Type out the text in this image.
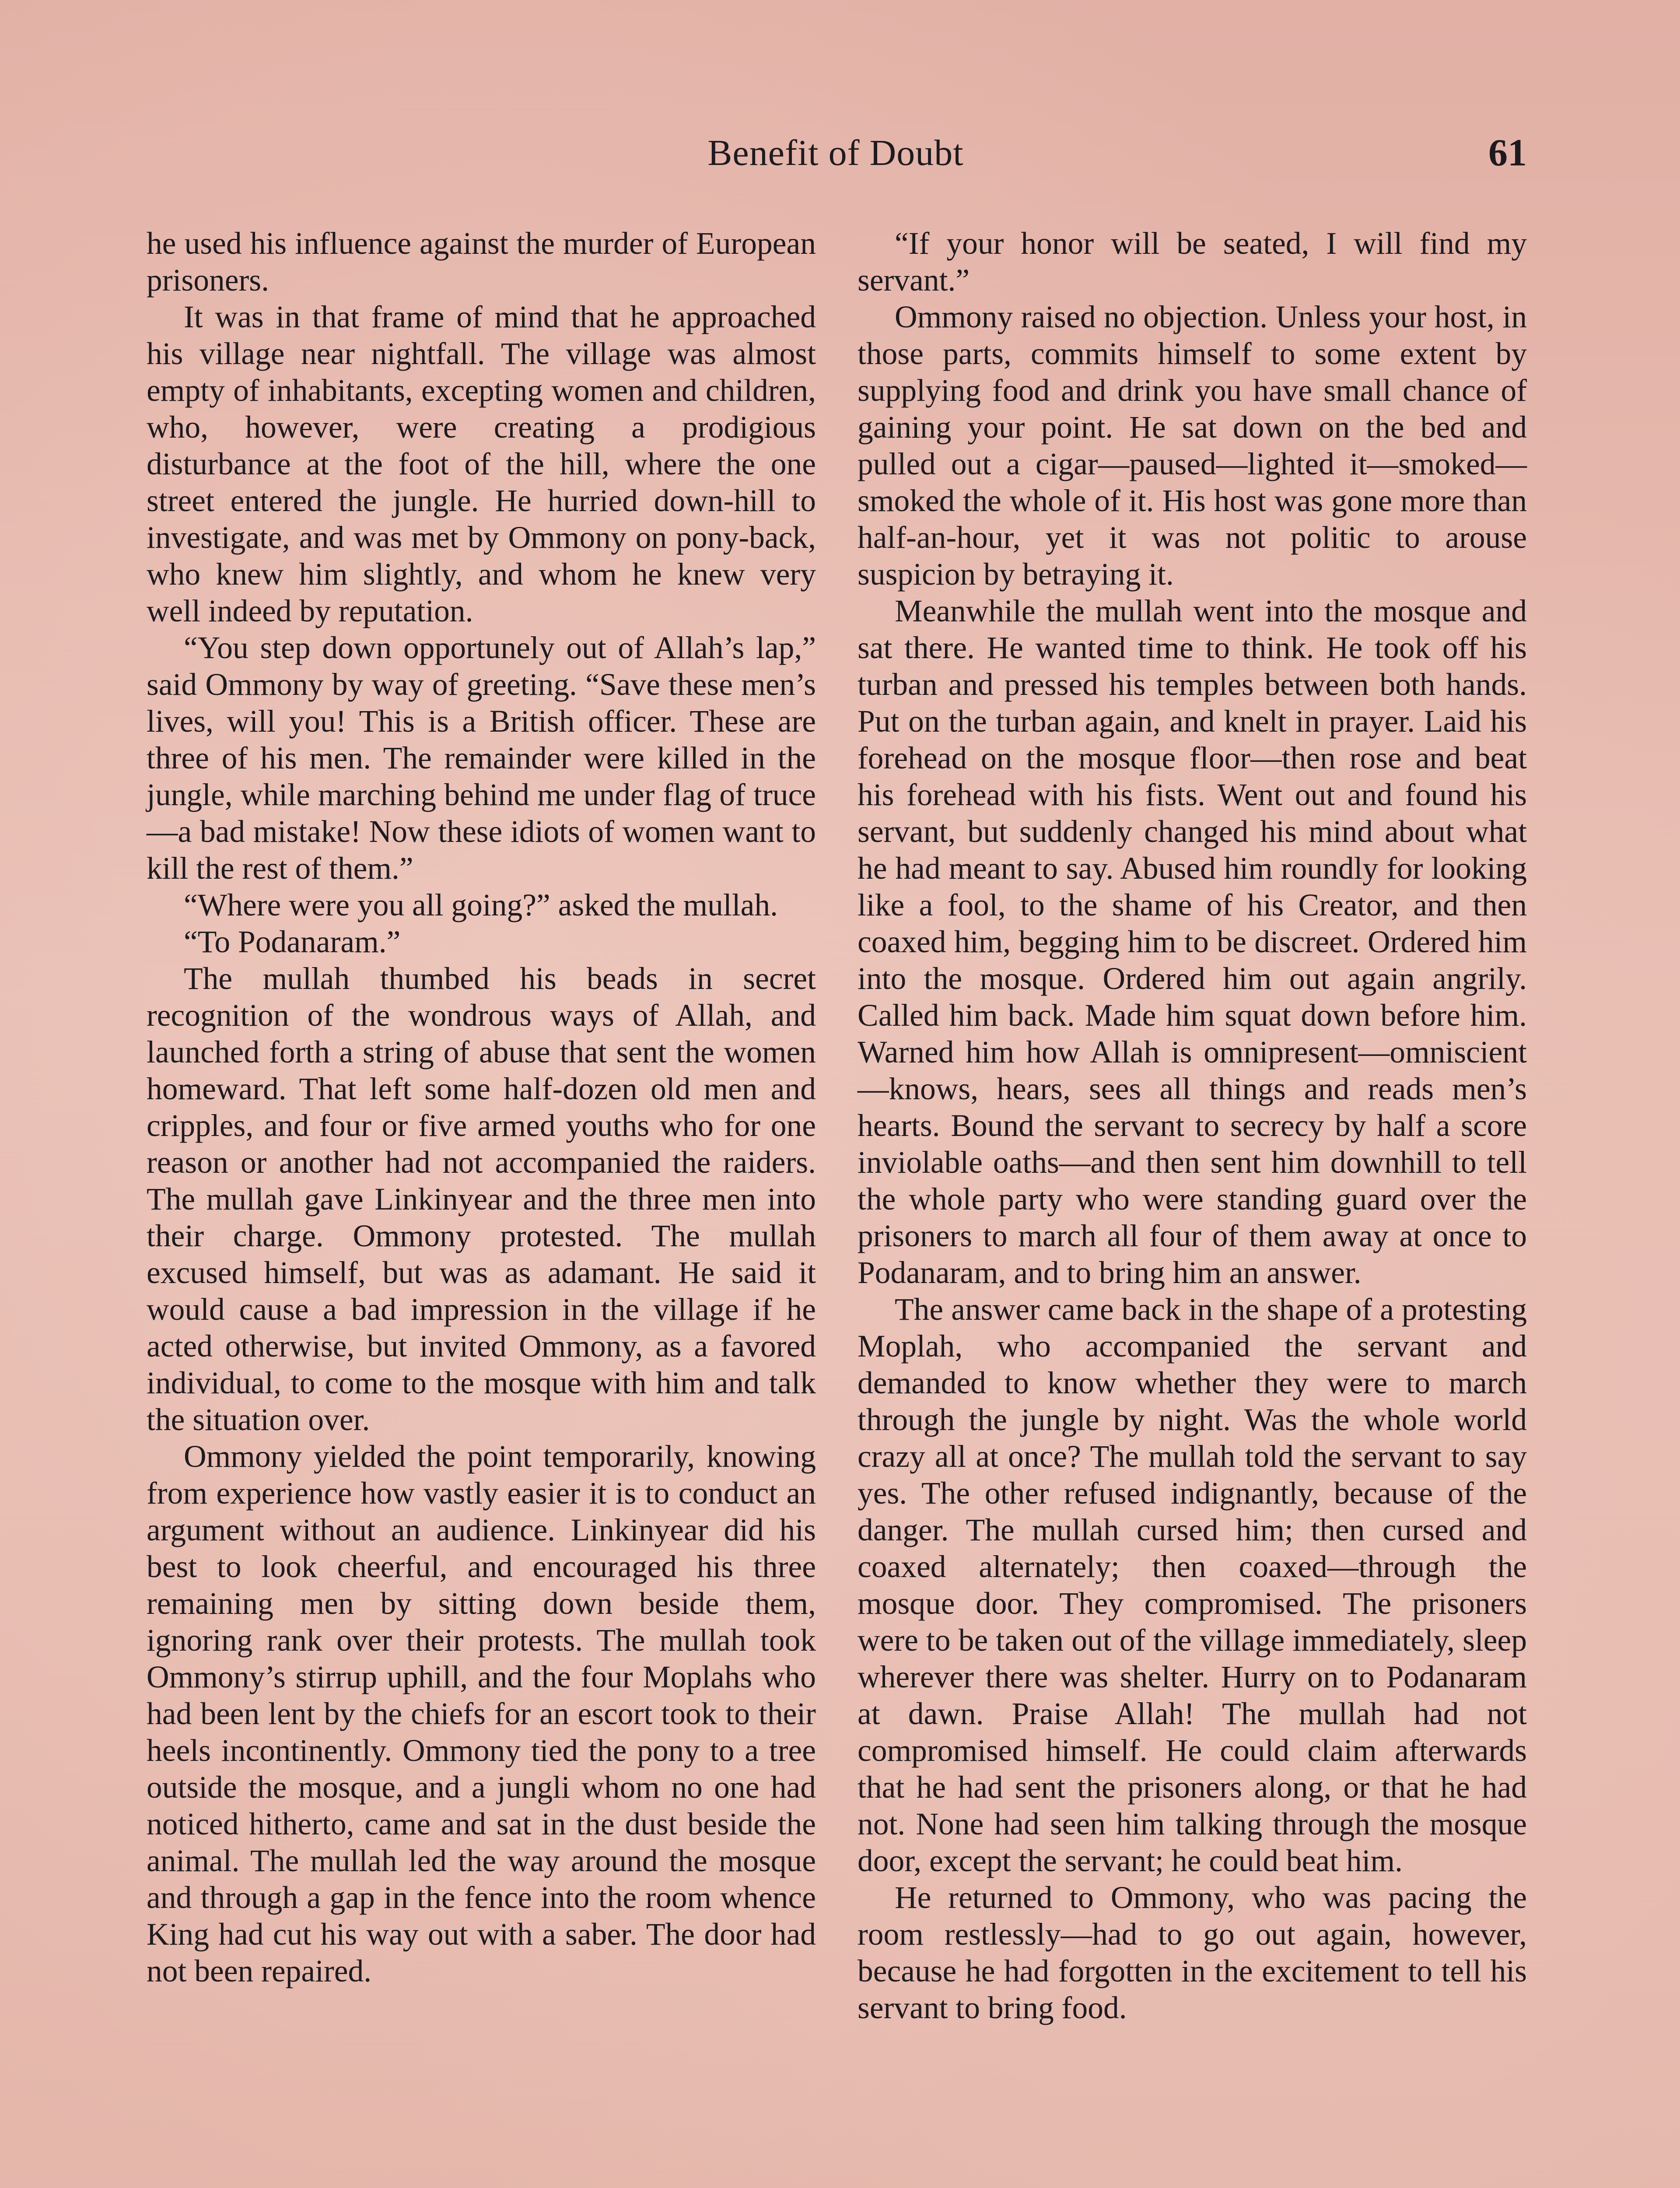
Benefit of Doubt	61

he used his influence against the murder of European prisoners.

It was in that frame of mind that he approached his village near nightfall. The village was almost empty of inhabitants, excepting women and children, who, however, were creating a prodigious disturbance at the foot of the hill, where the one street entered the jungle. He hurried down-hill to investigate, and was met by Ommony on pony-back, who knew him slightly, and whom he knew very well indeed by reputation.

“You step down opportunely out of Allah’s lap,” said Ommony by way of greeting. “Save these men’s lives, will you! This is a British officer. These are three of his men. The remainder were killed in the jungle, while marching behind me under flag of truce—a bad mistake! Now these idiots of women want to kill the rest of them.”

“Where were you all going?” asked the mullah.

“To Podanaram.”

The mullah thumbed his beads in secret recognition of the wondrous ways of Allah, and launched forth a string of abuse that sent the women homeward. That left some half-dozen old men and cripples, and four or five armed youths who for one reason or another had not accompanied the raiders. The mullah gave Linkinyear and the three men into their charge. Ommony protested. The mullah excused himself, but was as adamant. He said it would cause a bad impression in the village if he acted otherwise, but invited Ommony, as a favored individual, to come to the mosque with him and talk the situation over.

Ommony yielded the point temporarily, knowing from experience how vastly easier it is to conduct an argument without an audience. Linkinyear did his best to look cheerful, and encouraged his three remaining men by sitting down beside them, ignoring rank over their protests. The mullah took Ommony’s stirrup uphill, and the four Moplahs who had been lent by the chiefs for an escort took to their heels incontinently. Ommony tied the pony to a tree outside the mosque, and a jungli whom no one had noticed hitherto, came and sat in the dust beside the animal. The mullah led the way around the mosque and through a gap in the fence into the room whence King had cut his way out with a saber. The door had not been repaired.

“If your honor will be seated, I will find my servant.”

Ommony raised no objection. Unless your host, in those parts, commits himself to some extent by supplying food and drink you have small chance of gaining your point. He sat down on the bed and pulled out a cigar—paused—lighted it—smoked—smoked the whole of it. His host was gone more than half-an-hour, yet it was not politic to arouse suspicion by betraying it.

Meanwhile the mullah went into the mosque and sat there. He wanted time to think. He took off his turban and pressed his temples between both hands. Put on the turban again, and knelt in prayer. Laid his forehead on the mosque floor—then rose and beat his forehead with his fists. Went out and found his servant, but suddenly changed his mind about what he had meant to say. Abused him roundly for looking like a fool, to the shame of his Creator, and then coaxed him, begging him to be discreet. Ordered him into the mosque. Ordered him out again angrily. Called him back. Made him squat down before him. Warned him how Allah is omnipresent—omniscient—knows, hears, sees all things and reads men’s hearts. Bound the servant to secrecy by half a score inviolable oaths—and then sent him downhill to tell the whole party who were standing guard over the prisoners to march all four of them away at once to Podanaram, and to bring him an answer.

The answer came back in the shape of a protesting Moplah, who accompanied the servant and demanded to know whether they were to march through the jungle by night. Was the whole world crazy all at once? The mullah told the servant to say yes. The other refused indignantly, because of the danger. The mullah cursed him; then cursed and coaxed alternately; then coaxed—through the mosque door. They compromised. The prisoners were to be taken out of the village immediately, sleep wherever there was shelter. Hurry on to Podanaram at dawn. Praise Allah! The mullah had not compromised himself. He could claim afterwards that he had sent the prisoners along, or that he had not. None had seen him talking through the mosque door, except the servant; he could beat him.

He returned to Ommony, who was pacing the room restlessly—had to go out again, however, because he had forgotten in the excitement to tell his servant to bring food.
